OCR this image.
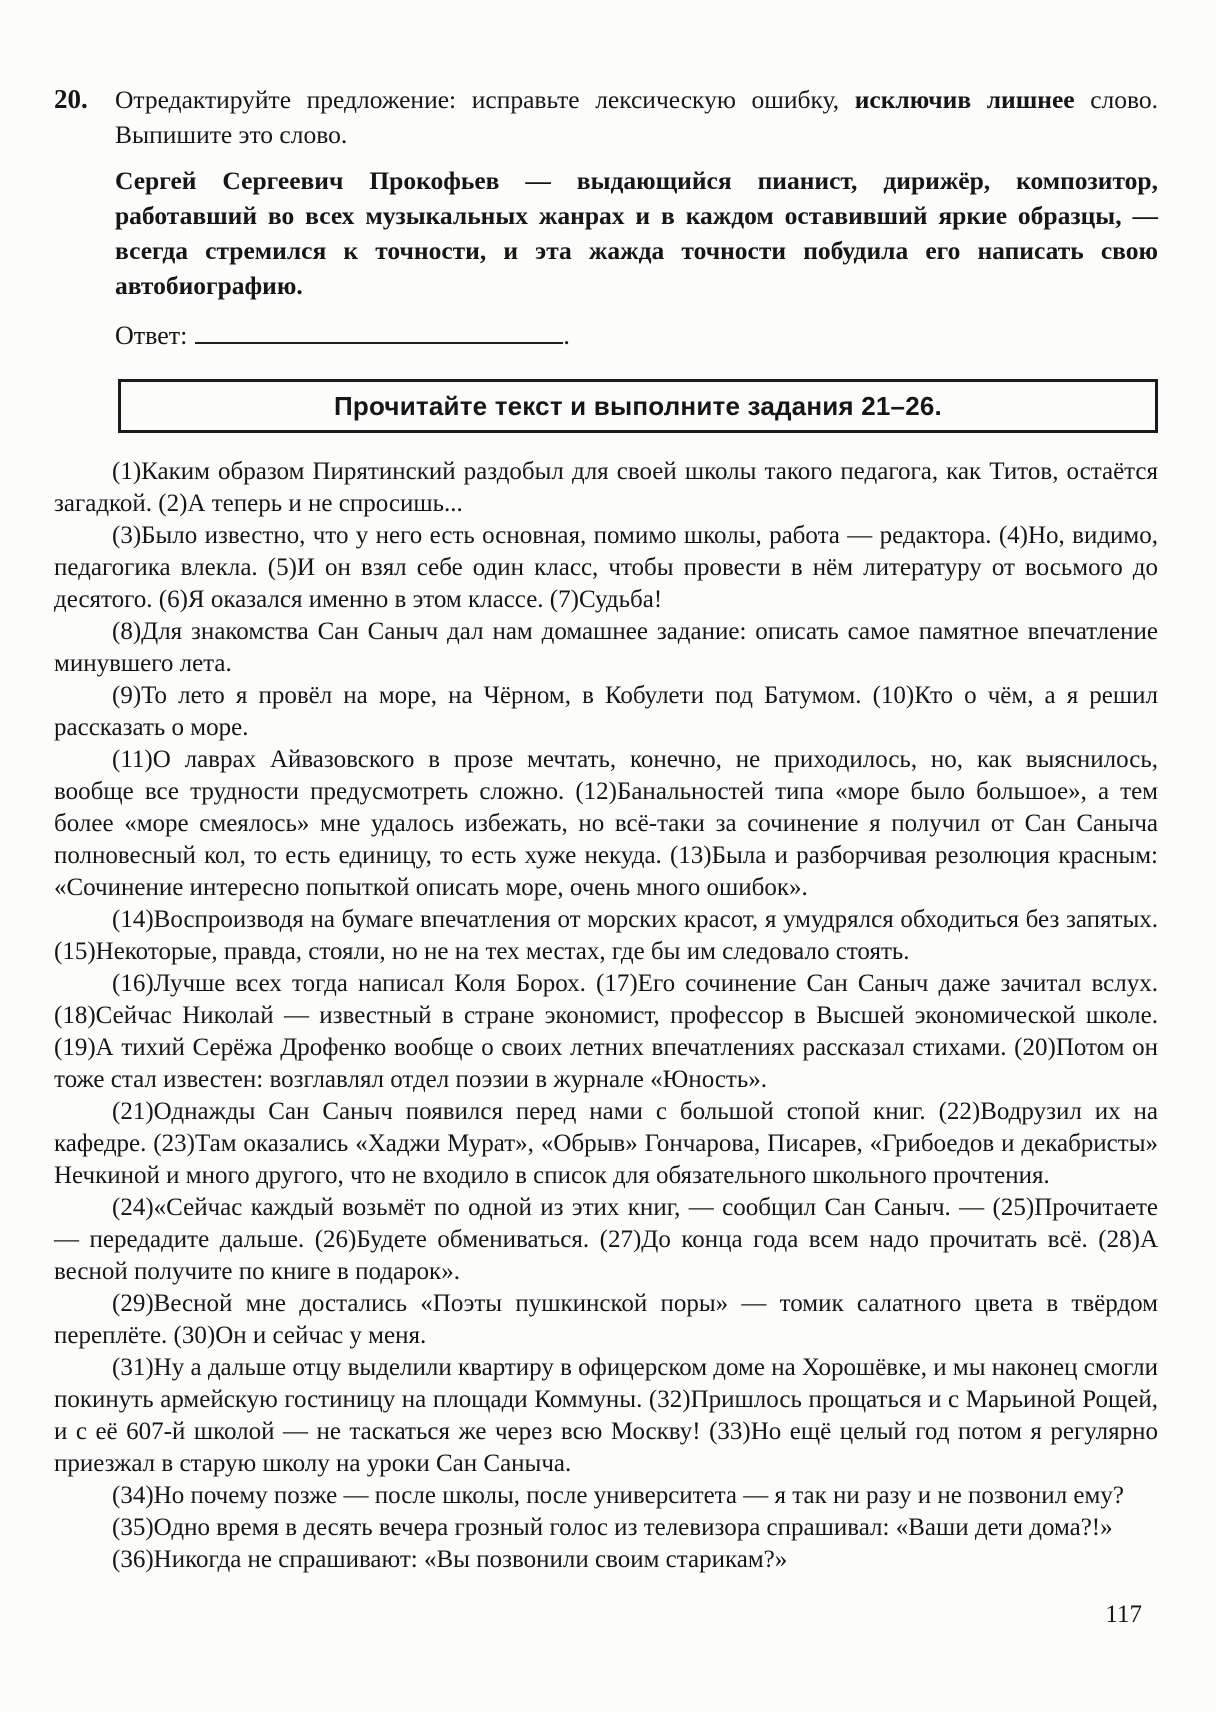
20.	Отредактируйте предложение: исправьте лексическую ошибку, исключив лишнее слово. Выпишите это слово.

Сергей Сергеевич Прокофьев — выдающийся пианист, дирижёр, композитор, работавший во всех музыкальных жанрах и в каждом оставивший яркие образцы, — всегда стремился к точности, и эта жажда точности побудила его написать свою автобиографию.

Ответ:	.
Прочитайте текст и выполните задания 21–26.

(1)Каким образом Пирятинский раздобыл для своей школы такого педагога, как Титов, остаётся загадкой. (2)А теперь и не спросишь...

(3)Было известно, что у него есть основная, помимо школы, работа — редактора. (4)Но, видимо, педагогика влекла. (5)И он взял себе один класс, чтобы провести в нём литературу от восьмого до десятого. (6)Я оказался именно в этом классе. (7)Судьба!

(8)Для знакомства Сан Саныч дал нам домашнее задание: описать самое памятное впечатление минувшего лета.

(9)То лето я провёл на море, на Чёрном, в Кобулети под Батумом. (10)Кто о чём, а я решил рассказать о море.

(11)О лаврах Айвазовского в прозе мечтать, конечно, не приходилось, но, как выяснилось, вообще все трудности предусмотреть сложно. (12)Банальностей типа «море было большое», а тем более «море смеялось» мне удалось избежать, но всё-таки за сочинение я получил от Сан Саныча полновесный кол, то есть единицу, то есть хуже некуда. (13)Была и разборчивая резолюция красным: «Сочинение интересно попыткой описать море, очень много ошибок».

(14)Воспроизводя на бумаге впечатления от морских красот, я умудрялся обходиться без запятых. (15)Некоторые, правда, стояли, но не на тех местах, где бы им следовало стоять.

(16)Лучше всех тогда написал Коля Борох. (17)Его сочинение Сан Саныч даже зачитал вслух. (18)Сейчас Николай — известный в стране экономист, профессор в Высшей экономической школе. (19)А тихий Серёжа Дрофенко вообще о своих летних впечатлениях рассказал стихами. (20)Потом он тоже стал известен: возглавлял отдел поэзии в журнале «Юность».

(21)Однажды Сан Саныч появился перед нами с большой стопой книг. (22)Водрузил их на кафедре. (23)Там оказались «Хаджи Мурат», «Обрыв» Гончарова, Писарев, «Грибоедов и декабристы» Нечкиной и много другого, что не входило в список для обязательного школьного прочтения.

(24)«Сейчас каждый возьмёт по одной из этих книг, — сообщил Сан Саныч. — (25)Прочитаете — передадите дальше. (26)Будете обмениваться. (27)До конца года всем надо прочитать всё. (28)А весной получите по книге в подарок».

(29)Весной мне достались «Поэты пушкинской поры» — томик салатного цвета в твёрдом переплёте. (30)Он и сейчас у меня.

(31)Ну а дальше отцу выделили квартиру в офицерском доме на Хорошёвке, и мы наконец смогли покинуть армейскую гостиницу на площади Коммуны. (32)Пришлось прощаться и с Марьиной Рощей, и с её 607-й школой — не таскаться же через всю Москву! (33)Но ещё целый год потом я регулярно приезжал в старую школу на уроки Сан Саныча.

(34)Но почему позже — после школы, после университета — я так ни разу и не позвонил ему?

(35)Одно время в десять вечера грозный голос из телевизора спрашивал: «Ваши дети дома?!»

(36)Никогда не спрашивают: «Вы позвонили своим старикам?»

117
